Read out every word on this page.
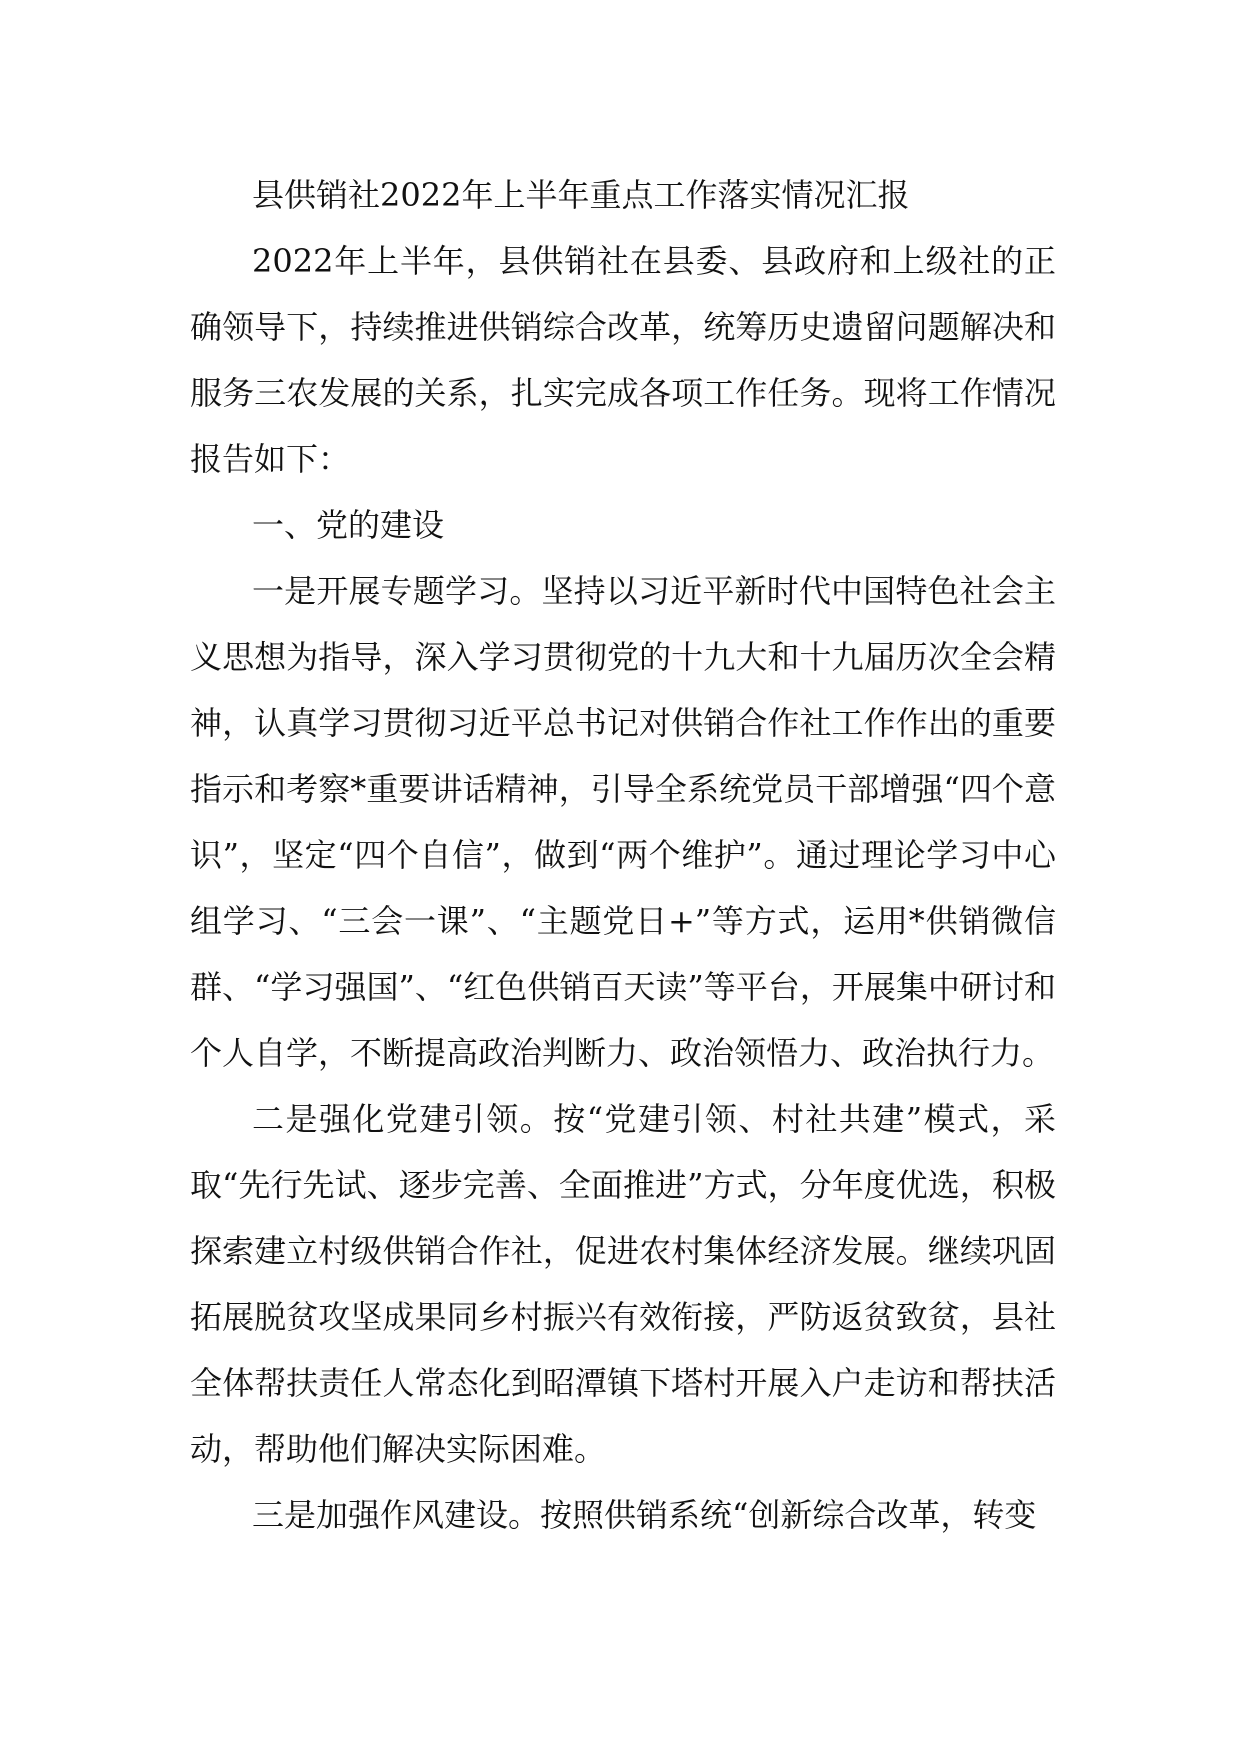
县供销社2022年上半年重点工作落实情况汇报

2022年上半年，县供销社在县委、县政府和上级社的正确领导下，持续推进供销综合改革，统筹历史遗留问题解决和服务三农发展的关系，扎实完成各项工作任务。现将工作情况报告如下：

一、党的建设

一是开展专题学习。坚持以习近平新时代中国特色社会主义思想为指导，深入学习贯彻党的十九大和十九届历次全会精神，认真学习贯彻习近平总书记对供销合作社工作作出的重要指示和考察*重要讲话精神，引导全系统党员干部增强“四个意识”，坚定“四个自信”，做到“两个维护”。通过理论学习中心组学习、“三会一课”、“主题党日+”等方式，运用*供销微信群、“学习强国”、“红色供销百天读”等平台，开展集中研讨和个人自学，不断提高政治判断力、政治领悟力、政治执行力。

二是强化党建引领。按“党建引领、村社共建”模式，采取“先行先试、逐步完善、全面推进”方式，分年度优选，积极探索建立村级供销合作社，促进农村集体经济发展。继续巩固拓展脱贫攻坚成果同乡村振兴有效衔接，严防返贫致贫，县社全体帮扶责任人常态化到昭潭镇下塔村开展入户走访和帮扶活动，帮助他们解决实际困难。

三是加强作风建设。按照供销系统“创新综合改革，转变
